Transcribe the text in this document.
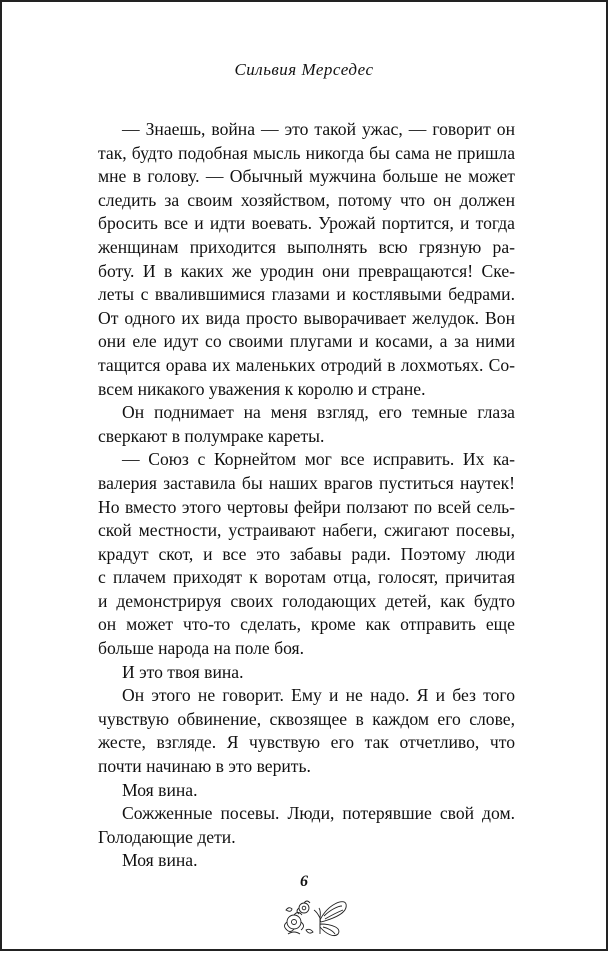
Сильвия Мерседес

— Знаешь, война — это такой ужас, — говорит он

так, будто подобная мысль никогда бы сама не пришла

мне в голову. — Обычный мужчина больше не может

следить за своим хозяйством, потому что он должен

бросить все и идти воевать. Урожай портится, и тогда

женщинам приходится выполнять всю грязную ра-

боту. И в каких же уродин они превращаются! Ске-

леты с ввалившимися глазами и костлявыми бедрами.

От одного их вида просто выворачивает желудок. Вон

они еле идут со своими плугами и косами, а за ними

тащится орава их маленьких отродий в лохмотьях. Со-

всем никакого уважения к королю и стране.

Он поднимает на меня взгляд, его темные глаза

сверкают в полумраке кареты.

— Союз с Корнейтом мог все исправить. Их ка-

валерия заставила бы наших врагов пуститься наутек!

Но вместо этого чертовы фейри ползают по всей сель-

ской местности, устраивают набеги, сжигают посевы,

крадут скот, и все это забавы ради. Поэтому люди

с плачем приходят к воротам отца, голосят, причитая

и демонстрируя своих голодающих детей, как будто

он может что-то сделать, кроме как отправить еще

больше народа на поле боя.

И это твоя вина.

Он этого не говорит. Ему и не надо. Я и без того

чувствую обвинение, сквозящее в каждом его слове,

жесте, взгляде. Я чувствую его так отчетливо, что

почти начинаю в это верить.

Моя вина.

Сожженные посевы. Люди, потерявшие свой дом.

Голодающие дети.

Моя вина.

6
